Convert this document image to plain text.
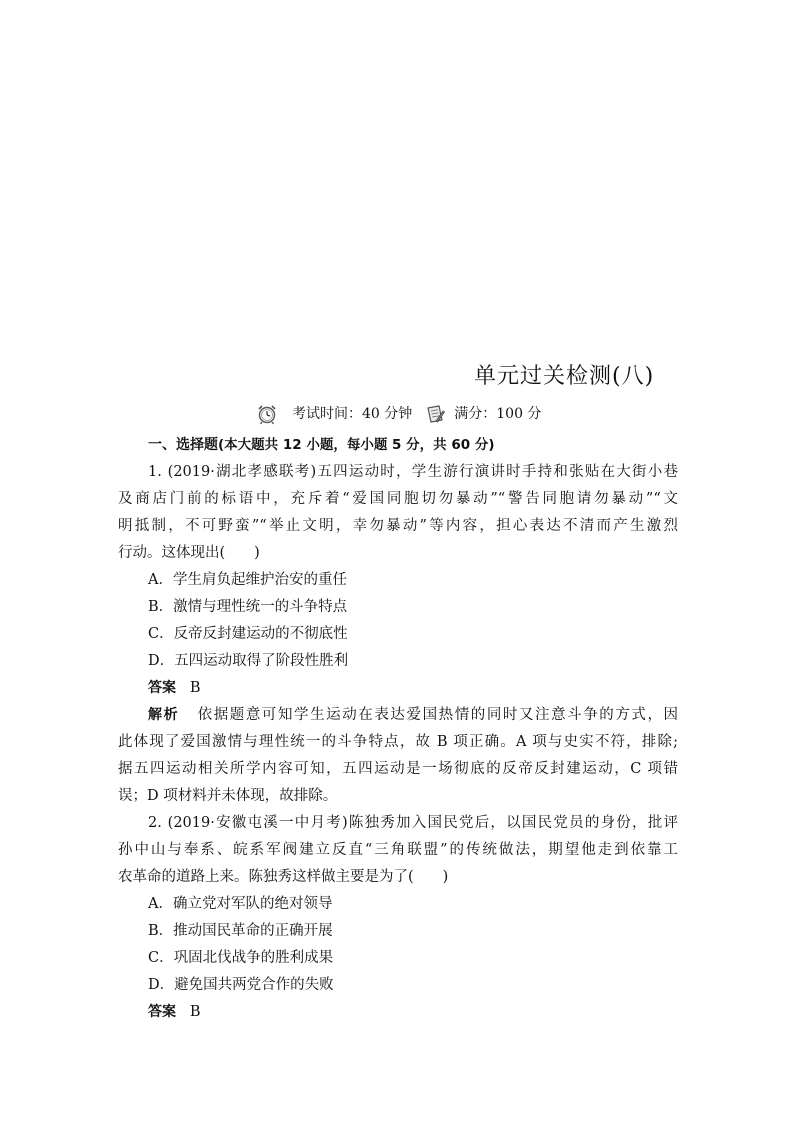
单元过关检测(八)
考试时间：40 分钟	满分：100 分

一、选择题(本大题共 12 小题，每小题 5 分，共 60 分)

1. (2019·湖北孝感联考)五四运动时，学生游行演讲时手持和张贴在大街小巷

及商店门前的标语中，充斥着“爱国同胞切勿暴动”“警告同胞请勿暴动”“文

明抵制，不可野蛮”“举止文明，幸勿暴动”等内容，担心表达不清而产生激烈

行动。这体现出(　　)

A．学生肩负起维护治安的重任

B．激情与理性统一的斗争特点

C．反帝反封建运动的不彻底性

D．五四运动取得了阶段性胜利

答案 B

解析 依据题意可知学生运动在表达爱国热情的同时又注意斗争的方式，因

此体现了爱国激情与理性统一的斗争特点，故 B 项正确。A 项与史实不符，排除;

据五四运动相关所学内容可知，五四运动是一场彻底的反帝反封建运动，C 项错

误；D 项材料并未体现，故排除。

2. (2019·安徽屯溪一中月考)陈独秀加入国民党后，以国民党员的身份，批评

孙中山与奉系、皖系军阀建立反直“三角联盟”的传统做法，期望他走到依靠工

农革命的道路上来。陈独秀这样做主要是为了(　　)

A．确立党对军队的绝对领导

B．推动国民革命的正确开展

C．巩固北伐战争的胜利成果

D．避免国共两党合作的失败

答案 B
